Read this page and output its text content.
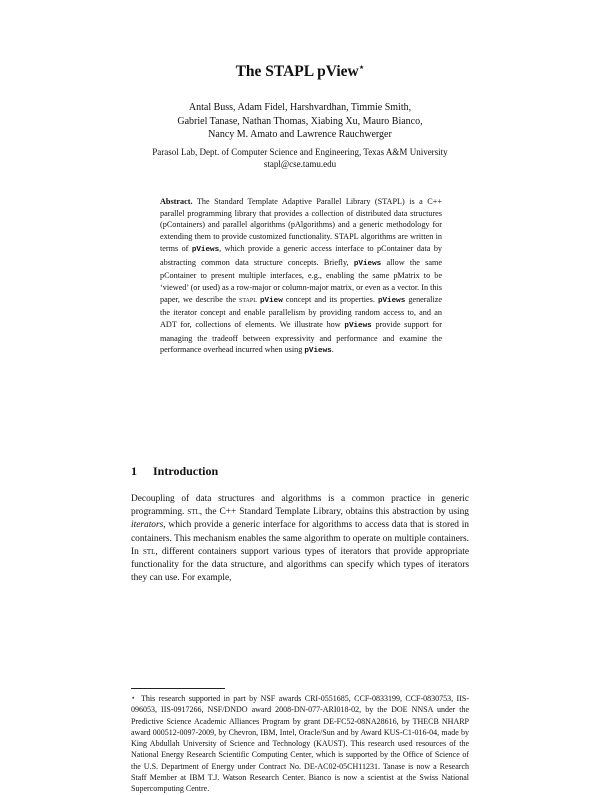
The STAPL pView⋆
Antal Buss, Adam Fidel, Harshvardhan, Timmie Smith,
Gabriel Tanase, Nathan Thomas, Xiabing Xu, Mauro Bianco,
Nancy M. Amato and Lawrence Rauchwerger
Parasol Lab, Dept. of Computer Science and Engineering, Texas A&M University
stapl@cse.tamu.edu
Abstract. The Standard Template Adaptive Parallel Library (STAPL) is a C++ parallel programming library that provides a collection of distributed data structures (pContainers) and parallel algorithms (pAlgorithms) and a generic methodology for extending them to provide customized functionality. STAPL algorithms are written in terms of pViews, which provide a generic access interface to pContainer data by abstracting common data structure concepts. Briefly, pViews allow the same pContainer to present multiple interfaces, e.g., enabling the same pMatrix to be ‘viewed’ (or used) as a row-major or column-major matrix, or even as a vector. In this paper, we describe the stapl pView concept and its properties. pViews generalize the iterator concept and enable parallelism by providing random access to, and an ADT for, collections of elements. We illustrate how pViews provide support for managing the tradeoff between expressivity and performance and examine the performance overhead incurred when using pViews.
1 Introduction
Decoupling of data structures and algorithms is a common practice in generic programming. stl, the C++ Standard Template Library, obtains this abstraction by using iterators, which provide a generic interface for algorithms to access data that is stored in containers. This mechanism enables the same algorithm to operate on multiple containers. In stl, different containers support various types of iterators that provide appropriate functionality for the data structure, and algorithms can specify which types of iterators they can use. For example,
⋆ This research supported in part by NSF awards CRI-0551685, CCF-0833199, CCF-0830753, IIS-096053, IIS-0917266, NSF/DNDO award 2008-DN-077-ARI018-02, by the DOE NNSA under the Predictive Science Academic Alliances Program by grant DE-FC52-08NA28616, by THECB NHARP award 000512-0097-2009, by Chevron, IBM, Intel, Oracle/Sun and by Award KUS-C1-016-04, made by King Abdullah University of Science and Technology (KAUST). This research used resources of the National Energy Research Scientific Computing Center, which is supported by the Office of Science of the U.S. Department of Energy under Contract No. DE-AC02-05CH11231. Tanase is now a Research Staff Member at IBM T.J. Watson Research Center. Bianco is now a scientist at the Swiss National Supercomputing Centre.
